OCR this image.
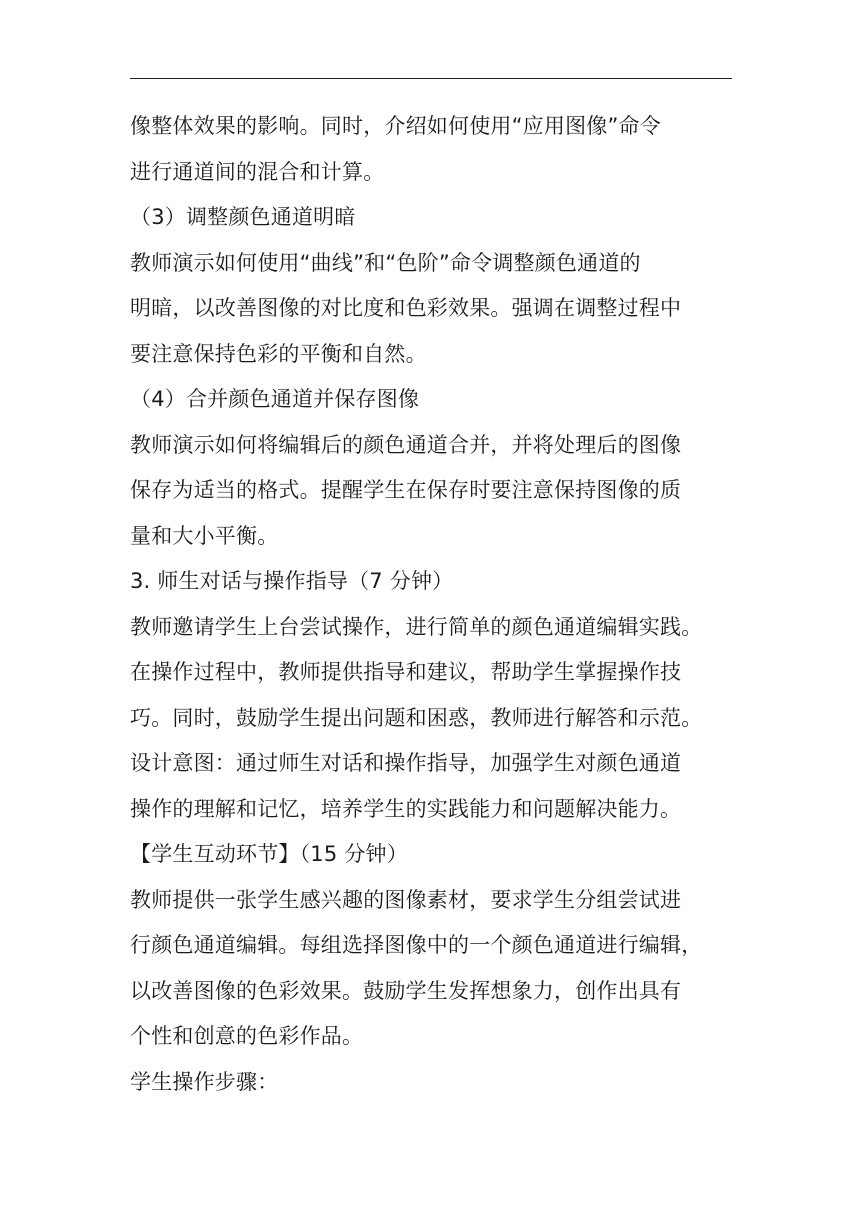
像整体效果的影响。同时，介绍如何使用“应用图像”命令
进行通道间的混合和计算。
（3）调整颜色通道明暗
教师演示如何使用“曲线”和“色阶”命令调整颜色通道的
明暗，以改善图像的对比度和色彩效果。强调在调整过程中
要注意保持色彩的平衡和自然。
（4）合并颜色通道并保存图像
教师演示如何将编辑后的颜色通道合并，并将处理后的图像
保存为适当的格式。提醒学生在保存时要注意保持图像的质
量和大小平衡。
3. 师生对话与操作指导（7 分钟）
教师邀请学生上台尝试操作，进行简单的颜色通道编辑实践。
在操作过程中，教师提供指导和建议，帮助学生掌握操作技
巧。同时，鼓励学生提出问题和困惑，教师进行解答和示范。
设计意图：通过师生对话和操作指导，加强学生对颜色通道
操作的理解和记忆，培养学生的实践能力和问题解决能力。
【学生互动环节】（15 分钟）
教师提供一张学生感兴趣的图像素材，要求学生分组尝试进
行颜色通道编辑。每组选择图像中的一个颜色通道进行编辑，
以改善图像的色彩效果。鼓励学生发挥想象力，创作出具有
个性和创意的色彩作品。
学生操作步骤：
